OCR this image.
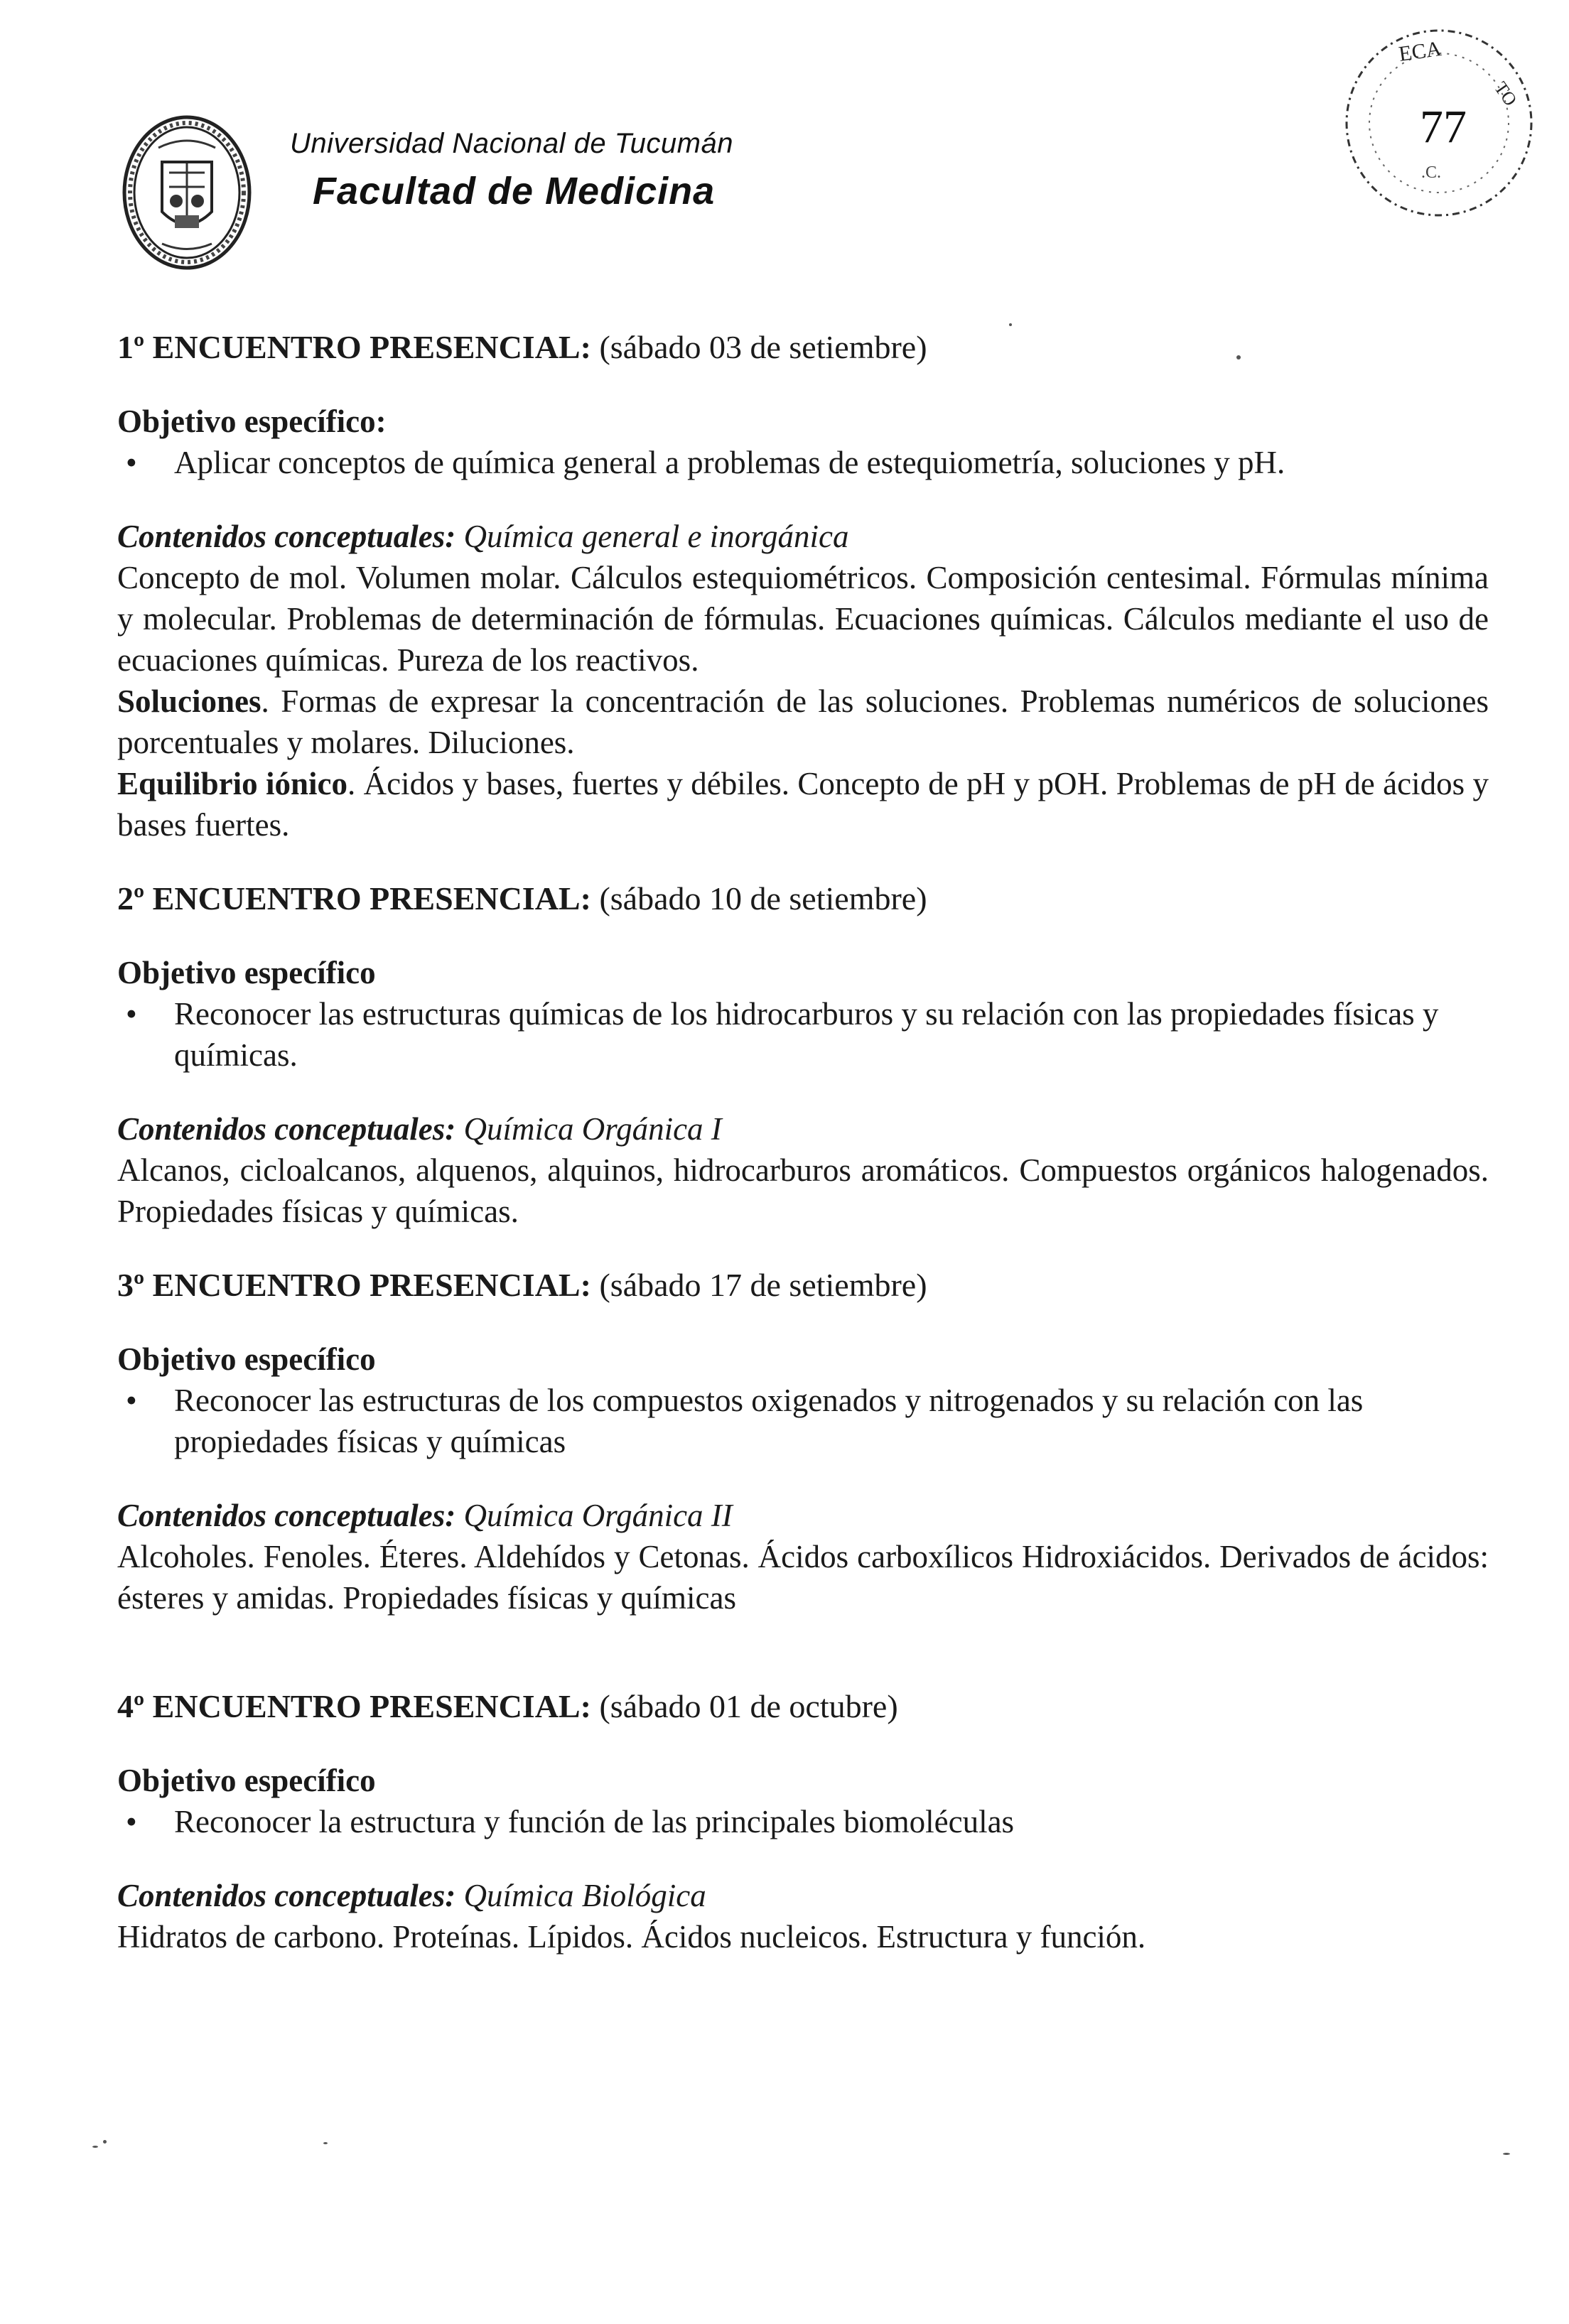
Universidad Nacional de Tucumán
Facultad de Medicina
ECA
TO
.C.
77

1º ENCUENTRO PRESENCIAL: (sábado 03 de setiembre)

Objetivo específico:

• Aplicar conceptos de química general a problemas de estequiometría, soluciones y pH.

Contenidos conceptuales: Química general e inorgánica

Concepto de mol. Volumen molar. Cálculos estequiométricos. Composición centesimal. Fórmulas mínima y molecular. Problemas de determinación de fórmulas. Ecuaciones químicas. Cálculos mediante el uso de ecuaciones químicas. Pureza de los reactivos.

Soluciones. Formas de expresar la concentración de las soluciones. Problemas numéricos de soluciones porcentuales y molares. Diluciones.

Equilibrio iónico. Ácidos y bases, fuertes y débiles. Concepto de pH y pOH. Problemas de pH de ácidos y bases fuertes.

2º ENCUENTRO PRESENCIAL: (sábado 10 de setiembre)

Objetivo específico

• Reconocer las estructuras químicas de los hidrocarburos y su relación con las propiedades físicas y químicas.

Contenidos conceptuales: Química Orgánica I

Alcanos, cicloalcanos, alquenos, alquinos, hidrocarburos aromáticos. Compuestos orgánicos halogenados. Propiedades físicas y químicas.

3º ENCUENTRO PRESENCIAL: (sábado 17 de setiembre)

Objetivo específico

• Reconocer las estructuras de los compuestos oxigenados y nitrogenados y su relación con las propiedades físicas y químicas

Contenidos conceptuales: Química Orgánica II

Alcoholes. Fenoles. Éteres. Aldehídos y Cetonas. Ácidos carboxílicos Hidroxiácidos. Derivados de ácidos: ésteres y amidas. Propiedades físicas y químicas

4º ENCUENTRO PRESENCIAL: (sábado 01 de octubre)

Objetivo específico

• Reconocer la estructura y función de las principales biomoléculas

Contenidos conceptuales: Química Biológica

Hidratos de carbono. Proteínas. Lípidos. Ácidos nucleicos. Estructura y función.
